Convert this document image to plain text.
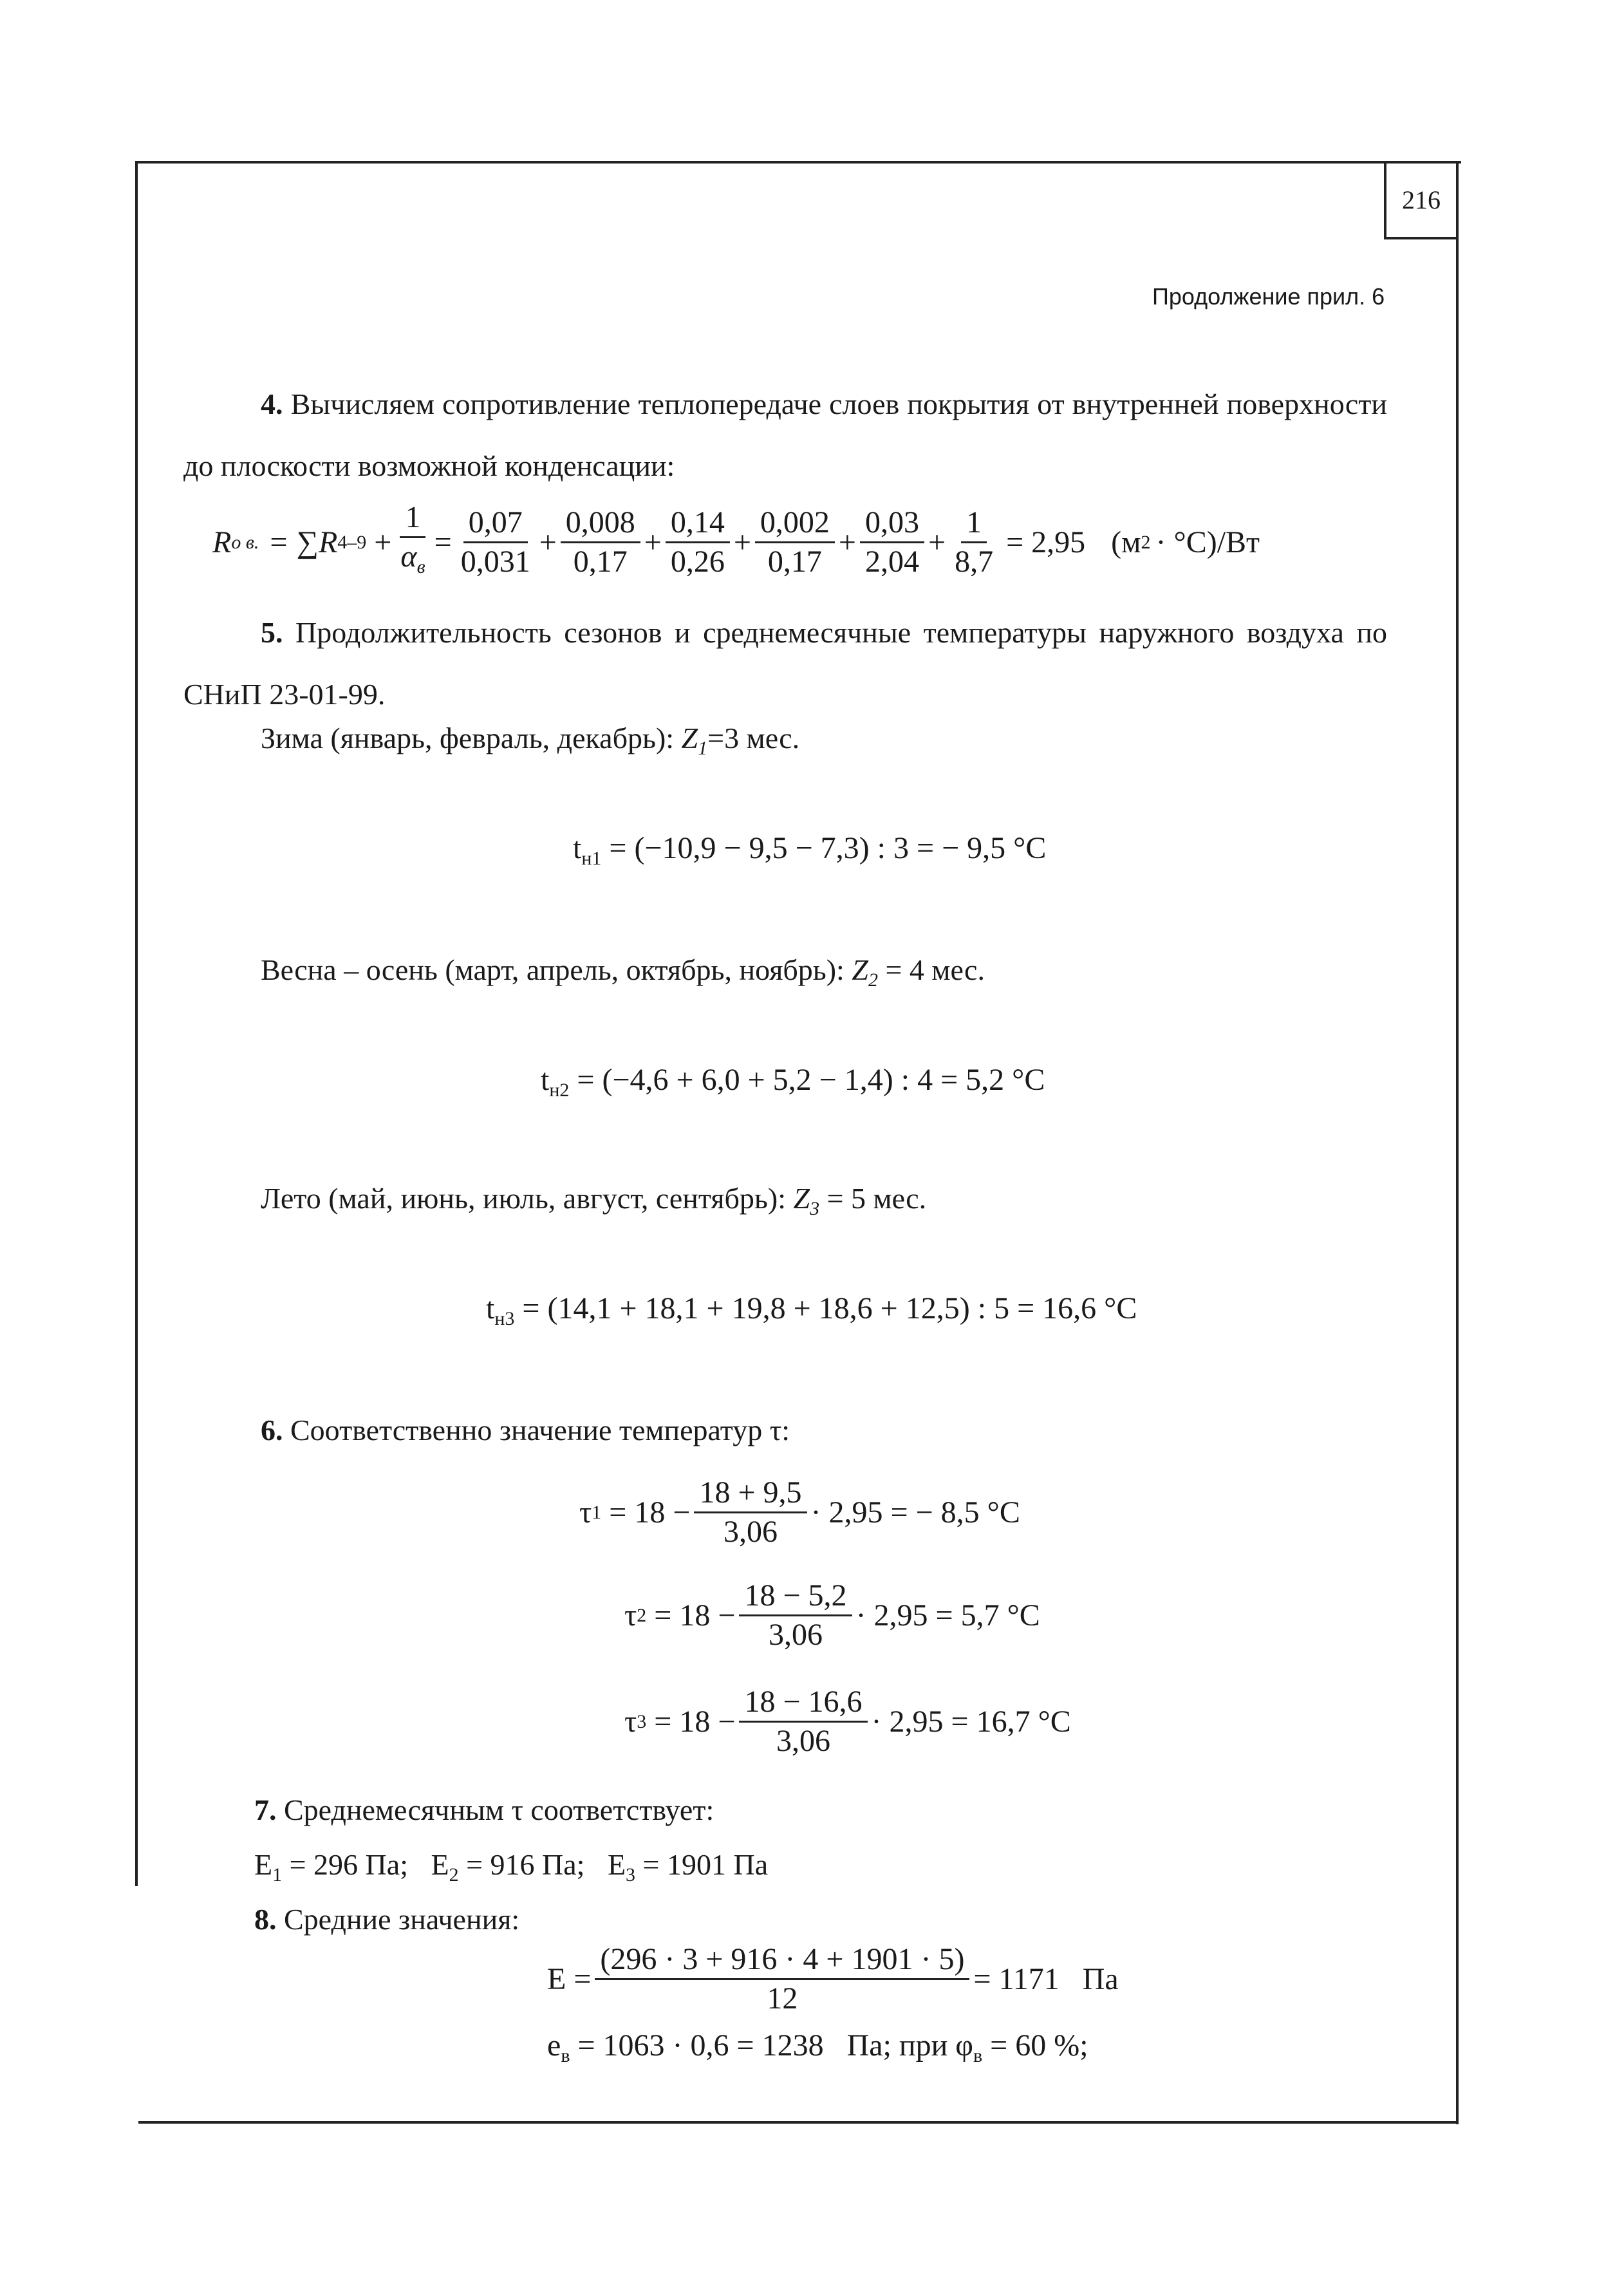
216
Продолжение прил. 6
4. Вычисляем сопротивление теплопередаче слоев покрытия от внутренней поверхности до плоскости возможной конденсации:
R о в. = ∑R $4-9 + \frac{1}{\alpha_в} = \frac{0,07}{0,031} + \frac{0,008}{0,17} + \frac{0,14}{0,26} + \frac{0,002}{0,17} + \frac{0,03}{2,04} + \frac{1}{8,7} = 2,95$ (м 2 · °С)/Вт
5. Продолжительность сезонов и среднемесячные температуры наружного воздуха по СНиП 23-01-99.
Зима (январь, февраль, декабрь): $Z_1=3$ мес.
$t_{н1} = (-10,9 - 9,5 - 7,3)$ : 3 = − 9,5 °С
Весна – осень (март, апрель, октябрь, ноябрь): $Z_2 = 4$ мес.
$t_{н2} = (-4,6 + 6,0 + 5,2 - 1,4)$ : 4 = 5,2 °С
Лето (май, июнь, июль, август, сентябрь): $Z_3 = 5$ мес.
$t_{н3} = (14,1 + 18,1 + 19,8 + 18,6 + 12,5)$ : 5 = 16,6 °С
6. Соответственно значение температур τ:
τ $1 = 18 - \frac{18 + 9,5}{3,06} \cdot 2,95$ = − 8,5 °С
τ $2 = 18 - \frac{18 - 5,2}{3,06} \cdot 2,95 = 5,7$ °С
τ $3 = 18 - \frac{18 - 16,6}{3,06} \cdot 2,95 = 16,7$ °С
7. Среднемесячным τ соответствует:
$E_1 = 296$ Па; $E_2 = 916$ Па; $E_3 = 1901$ Па
8. Средние значения:
$E = \frac{(296 \cdot 3 + 916 \cdot 4 + 1901 \cdot 5)}{12} = 1171$   Па
$e_в = 1063 \cdot 0,6 = 1238$   Па; при $\varphi_в = 60$ %;
